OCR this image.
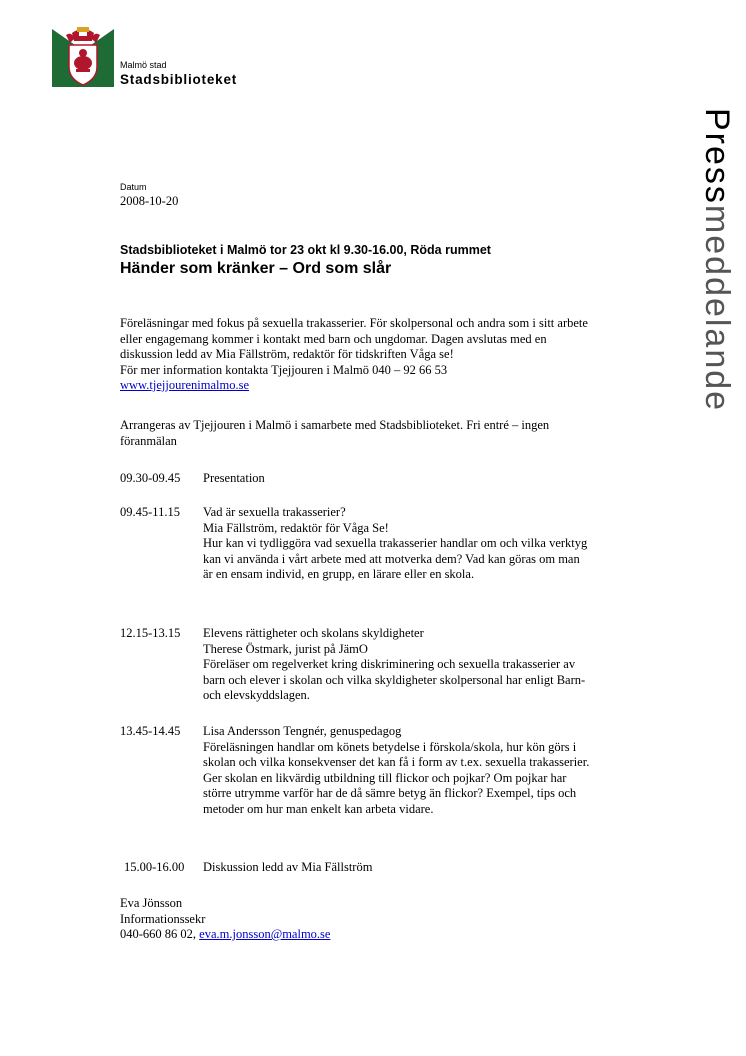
Malmö stad
Stadsbiblioteket
Pressmeddelande
Datum
2008-10-20
Stadsbiblioteket i Malmö tor 23 okt kl 9.30-16.00, Röda rummet
Händer som kränker – Ord som slår

Föreläsningar med fokus på sexuella trakasserier. För skolpersonal och andra som i sitt arbete eller engagemang kommer i kontakt med barn och ungdomar. Dagen avslutas med en diskussion ledd av Mia Fällström, redaktör för tidskriften Våga se!

För mer information kontakta Tjejjouren i Malmö 040 – 92 66 53

www.tjejjourenimalmo.se

Arrangeras av Tjejjouren i Malmö i samarbete med Stadsbiblioteket. Fri entré – ingen föranmälan
09.30-09.45 Presentation
09.45-11.15 Vad är sexuella trakasserier?
Mia Fällström, redaktör för Våga Se!
Hur kan vi tydliggöra vad sexuella trakasserier handlar om och vilka verktyg kan vi använda i vårt arbete med att motverka dem? Vad kan göras om man är en ensam individ, en grupp, en lärare eller en skola.
12.15-13.15 Elevens rättigheter och skolans skyldigheter
Therese Östmark, jurist på JämO
Föreläser om regelverket kring diskriminering och sexuella trakasserier av barn och elever i skolan och vilka skyldigheter skolpersonal har enligt Barn- och elevskyddslagen.
13.45-14.45 Lisa Andersson Tengnér, genuspedagog
Föreläsningen handlar om könets betydelse i förskola/skola, hur kön görs i skolan och vilka konsekvenser det kan få i form av t.ex. sexuella trakasserier. Ger skolan en likvärdig utbildning till flickor och pojkar? Om pojkar har större utrymme varför har de då sämre betyg än flickor? Exempel, tips och metoder om hur man enkelt kan arbeta vidare.
15.00-16.00 Diskussion ledd av Mia Fällström
Eva Jönsson
Informationssekr
040-660 86 02, eva.m.jonsson@malmo.se
